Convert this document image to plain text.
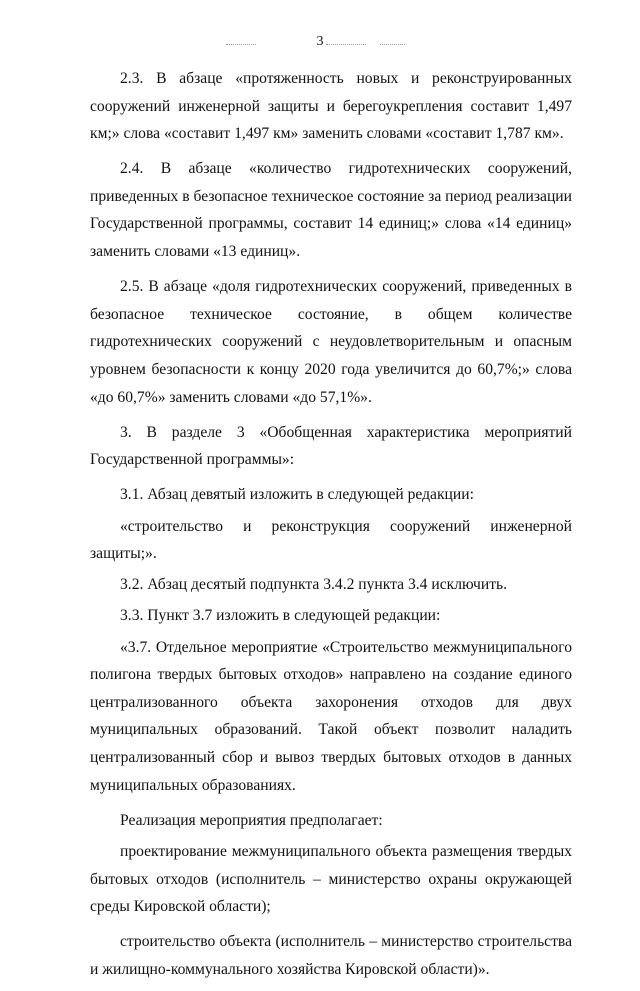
3

2.3. В абзаце «протяженность новых и реконструированных сооружений инженерной защиты и берегоукрепления составит 1,497 км;» слова «составит 1,497 км» заменить словами «составит 1,787 км».

2.4. В абзаце «количество гидротехнических сооружений, приведенных в безопасное техническое состояние за период реализации Государственной программы, составит 14 единиц;» слова «14 единиц» заменить словами «13 единиц».

2.5. В абзаце «доля гидротехнических сооружений, приведенных в безопасное техническое состояние, в общем количестве гидротехнических сооружений с неудовлетворительным и опасным уровнем безопасности к концу 2020 года увеличится до 60,7%;» слова «до 60,7%» заменить словами «до 57,1%».

3. В разделе 3 «Обобщенная характеристика мероприятий Государственной программы»:

3.1. Абзац девятый изложить в следующей редакции:

«строительство и реконструкция сооружений инженерной защиты;».

3.2. Абзац десятый подпункта 3.4.2 пункта 3.4 исключить.

3.3. Пункт 3.7 изложить в следующей редакции:

«3.7. Отдельное мероприятие «Строительство межмуниципального полигона твердых бытовых отходов» направлено на создание единого централизованного объекта захоронения отходов для двух муниципальных образований. Такой объект позволит наладить централизованный сбор и вывоз твердых бытовых отходов в данных муниципальных образованиях.

Реализация мероприятия предполагает:

проектирование межмуниципального объекта размещения твердых бытовых отходов (исполнитель – министерство охраны окружающей среды Кировской области);

строительство объекта (исполнитель – министерство строительства и жилищно-коммунального хозяйства Кировской области)».
